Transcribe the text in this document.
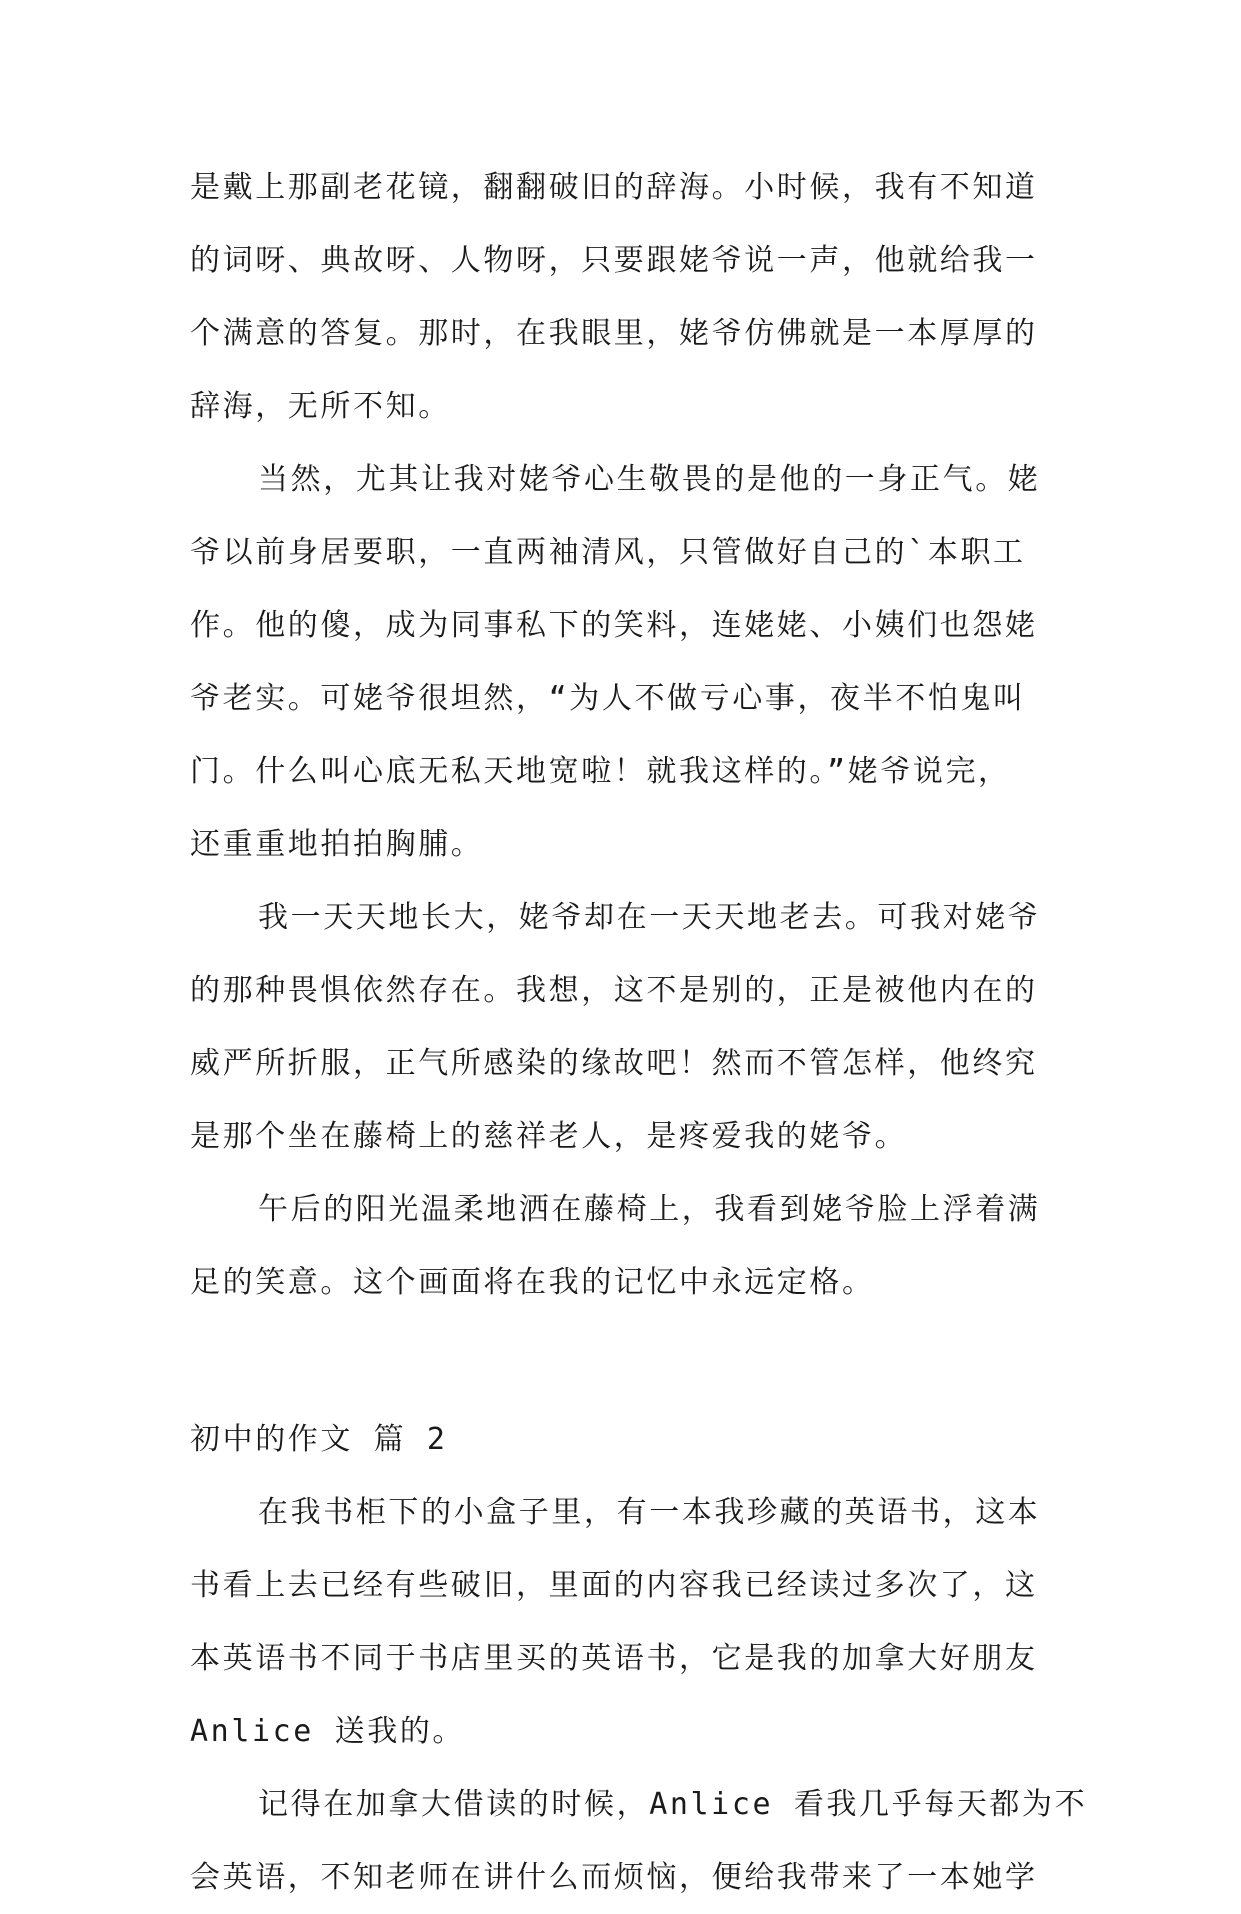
是戴上那副老花镜，翻翻破旧的辞海。小时候，我有不知道
的词呀、典故呀、人物呀，只要跟姥爷说一声，他就给我一
个满意的答复。那时，在我眼里，姥爷仿佛就是一本厚厚的
辞海，无所不知。
当然，尤其让我对姥爷心生敬畏的是他的一身正气。姥
爷以前身居要职，一直两袖清风，只管做好自己的`本职工
作。他的傻，成为同事私下的笑料，连姥姥、小姨们也怨姥
爷老实。可姥爷很坦然，“为人不做亏心事，夜半不怕鬼叫
门。什么叫心底无私天地宽啦！就我这样的。”姥爷说完，
还重重地拍拍胸脯。
我一天天地长大，姥爷却在一天天地老去。可我对姥爷
的那种畏惧依然存在。我想，这不是别的，正是被他内在的
威严所折服，正气所感染的缘故吧！然而不管怎样，他终究
是那个坐在藤椅上的慈祥老人，是疼爱我的姥爷。
午后的阳光温柔地洒在藤椅上，我看到姥爷脸上浮着满
足的笑意。这个画面将在我的记忆中永远定格。
初中的作文 篇 2
在我书柜下的小盒子里，有一本我珍藏的英语书，这本
书看上去已经有些破旧，里面的内容我已经读过多次了，这
本英语书不同于书店里买的英语书，它是我的加拿大好朋友
Anlice 送我的。
记得在加拿大借读的时候，Anlice 看我几乎每天都为不
会英语，不知老师在讲什么而烦恼，便给我带来了一本她学
